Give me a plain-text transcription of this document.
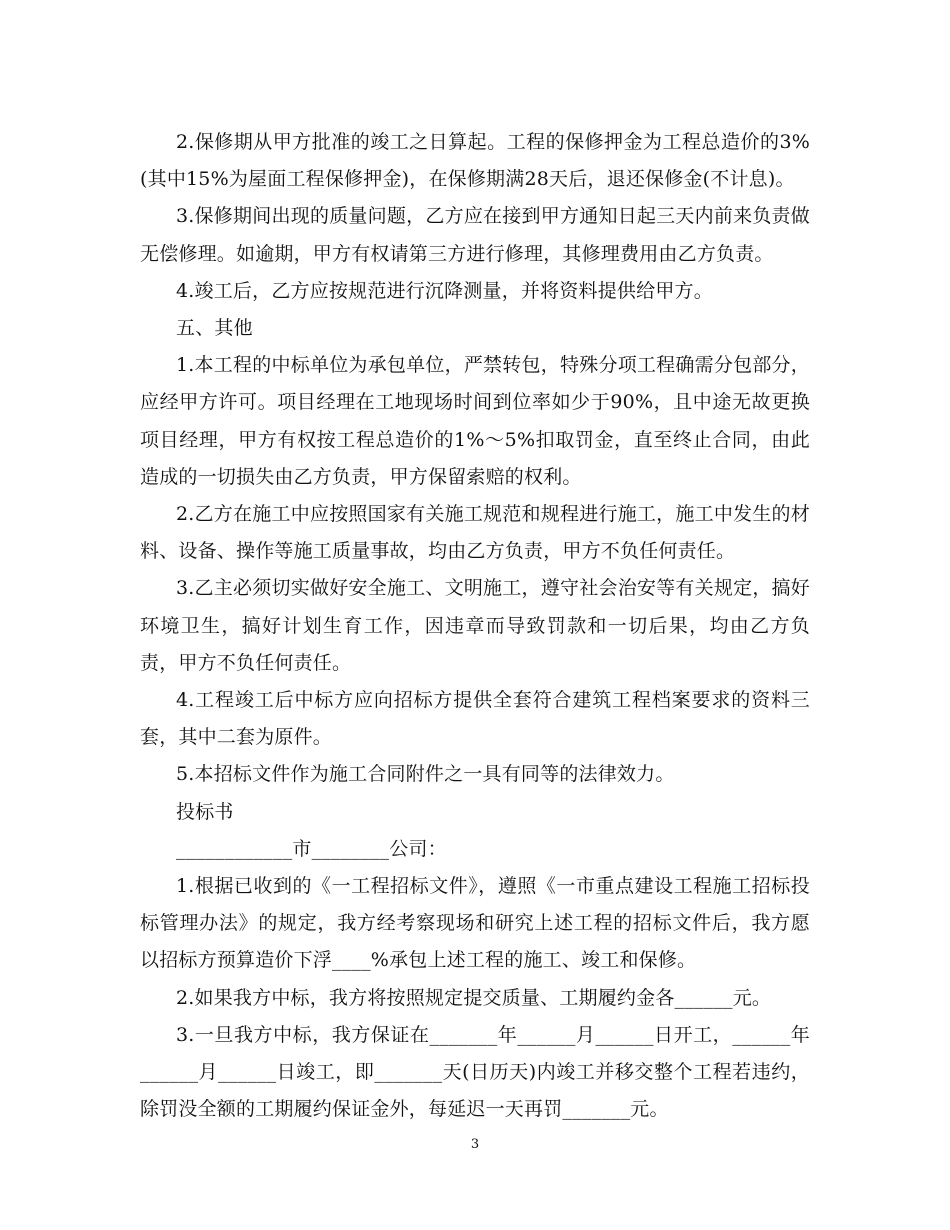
2.保修期从甲方批准的竣工之日算起。工程的保修押金为工程总造价的3%(其中15%为屋面工程保修押金)，在保修期满28天后，退还保修金(不计息)。

3.保修期间出现的质量问题，乙方应在接到甲方通知日起三天内前来负责做无偿修理。如逾期，甲方有权请第三方进行修理，其修理费用由乙方负责。

4.竣工后，乙方应按规范进行沉降测量，并将资料提供给甲方。

五、其他

1.本工程的中标单位为承包单位，严禁转包，特殊分项工程确需分包部分，应经甲方许可。项目经理在工地现场时间到位率如少于90%，且中途无故更换项目经理，甲方有权按工程总造价的1%～5%扣取罚金，直至终止合同，由此造成的一切损失由乙方负责，甲方保留索赔的权利。

2.乙方在施工中应按照国家有关施工规范和规程进行施工，施工中发生的材料、设备、操作等施工质量事故，均由乙方负责，甲方不负任何责任。

3.乙主必须切实做好安全施工、文明施工，遵守社会治安等有关规定，搞好环境卫生，搞好计划生育工作，因违章而导致罚款和一切后果，均由乙方负责，甲方不负任何责任。

4.工程竣工后中标方应向招标方提供全套符合建筑工程档案要求的资料三套，其中二套为原件。

5.本招标文件作为施工合同附件之一具有同等的法律效力。

投标书

____________市________公司：

1.根据已收到的《一工程招标文件》，遵照《一市重点建设工程施工招标投标管理办法》的规定，我方经考察现场和研究上述工程的招标文件后，我方愿以招标方预算造价下浮____%承包上述工程的施工、竣工和保修。

2.如果我方中标，我方将按照规定提交质量、工期履约金各______元。

3.一旦我方中标，我方保证在_______年______月______日开工，______年______月______日竣工，即_______天(日历天)内竣工并移交整个工程若违约，除罚没全额的工期履约保证金外，每延迟一天再罚_______元。

3
